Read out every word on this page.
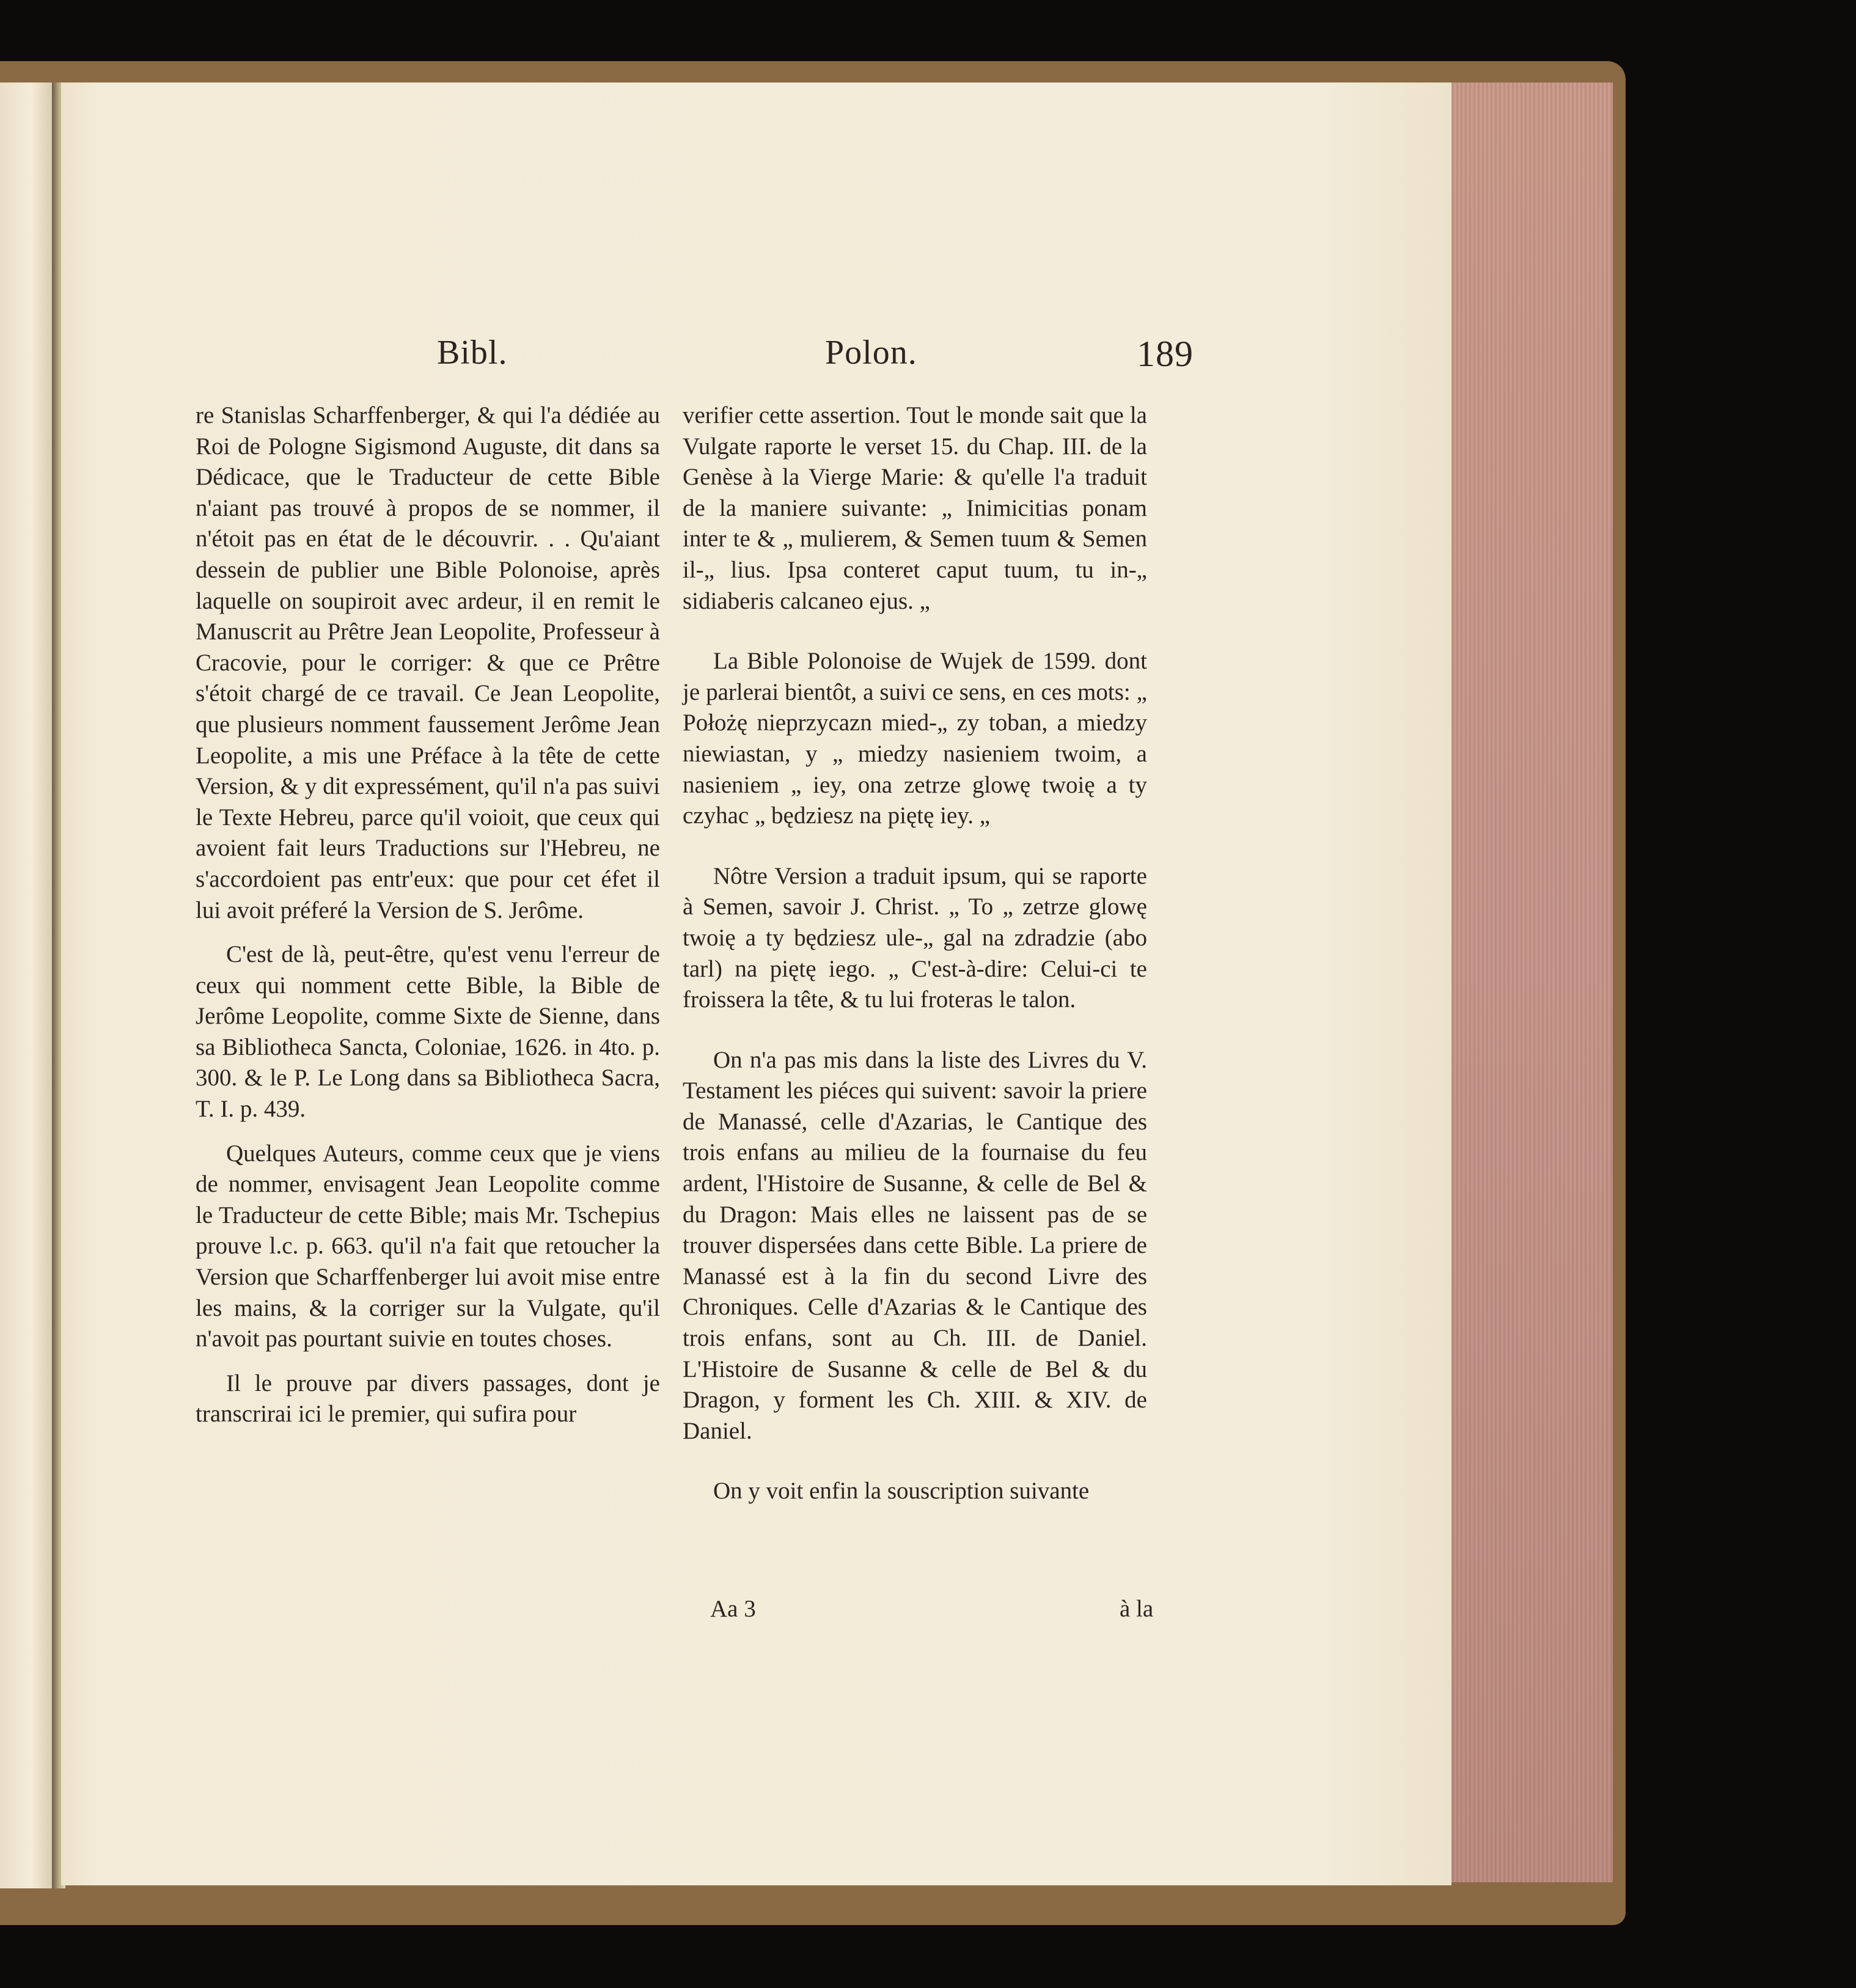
Bibl.	Polon.	189

re Stanislas Scharffenberger, & qui l'a dédiée au Roi de Pologne Sigismond Auguste, dit dans sa Dédicace, que le Traducteur de cette Bible n'aiant pas trouvé à propos de se nommer, il n'étoit pas en état de le découvrir. . . Qu'aiant dessein de publier une Bible Polonoise, après laquelle on soupiroit avec ardeur, il en remit le Manuscrit au Prêtre Jean Leopolite, Professeur à Cracovie, pour le corriger: & que ce Prêtre s'étoit chargé de ce travail. Ce Jean Leopolite, que plusieurs nomment faussement Jerôme Jean Leopolite, a mis une Préface à la tête de cette Version, & y dit expressément, qu'il n'a pas suivi le Texte Hebreu, parce qu'il voioit, que ceux qui avoient fait leurs Traductions sur l'Hebreu, ne s'accordoient pas entr'eux: que pour cet éfet il lui avoit préferé la Version de S. Jerôme.

C'est de là, peut-être, qu'est venu l'erreur de ceux qui nomment cette Bible, la Bible de Jerôme Leopolite, comme Sixte de Sienne, dans sa Bibliotheca Sancta, Coloniae, 1626. in 4to. p. 300. & le P. Le Long dans sa Bibliotheca Sacra, T. I. p. 439.

Quelques Auteurs, comme ceux que je viens de nommer, envisagent Jean Leopolite comme le Traducteur de cette Bible; mais Mr. Tschepius prouve l.c. p. 663. qu'il n'a fait que retoucher la Version que Scharffenberger lui avoit mise entre les mains, & la corriger sur la Vulgate, qu'il n'avoit pas pourtant suivie en toutes choses.

Il le prouve par divers passages, dont je transcrirai ici le premier, qui sufira pour

verifier cette assertion. Tout le monde sait que la Vulgate raporte le verset 15. du Chap. III. de la Genèse à la Vierge Marie: & qu'elle l'a traduit de la maniere suivante: „ Inimicitias ponam inter te & „ mulierem, & Semen tuum & Semen il-„ lius. Ipsa conteret caput tuum, tu in-„ sidiaberis calcaneo ejus. „

La Bible Polonoise de Wujek de 1599. dont je parlerai bientôt, a suivi ce sens, en ces mots: „ Położę nieprzycazn mied-„ zy toban, a miedzy niewiastan, y „ miedzy nasieniem twoim, a nasieniem „ iey, ona zetrze glowę twoię a ty czyhac „ będziesz na piętę iey. „

Nôtre Version a traduit ipsum, qui se raporte à Semen, savoir J. Christ. „ To „ zetrze glowę twoię a ty będziesz ule-„ gal na zdradzie (abo tarl) na piętę iego. „ C'est-à-dire: Celui-ci te froissera la tête, & tu lui froteras le talon.

On n'a pas mis dans la liste des Livres du V. Testament les piéces qui suivent: savoir la priere de Manassé, celle d'Azarias, le Cantique des trois enfans au milieu de la fournaise du feu ardent, l'Histoire de Susanne, & celle de Bel & du Dragon: Mais elles ne laissent pas de se trouver dispersées dans cette Bible. La priere de Manassé est à la fin du second Livre des Chroniques. Celle d'Azarias & le Cantique des trois enfans, sont au Ch. III. de Daniel. L'Histoire de Susanne & celle de Bel & du Dragon, y forment les Ch. XIII. & XIV. de Daniel.

On y voit enfin la souscription suivante

Aa 3	à la
